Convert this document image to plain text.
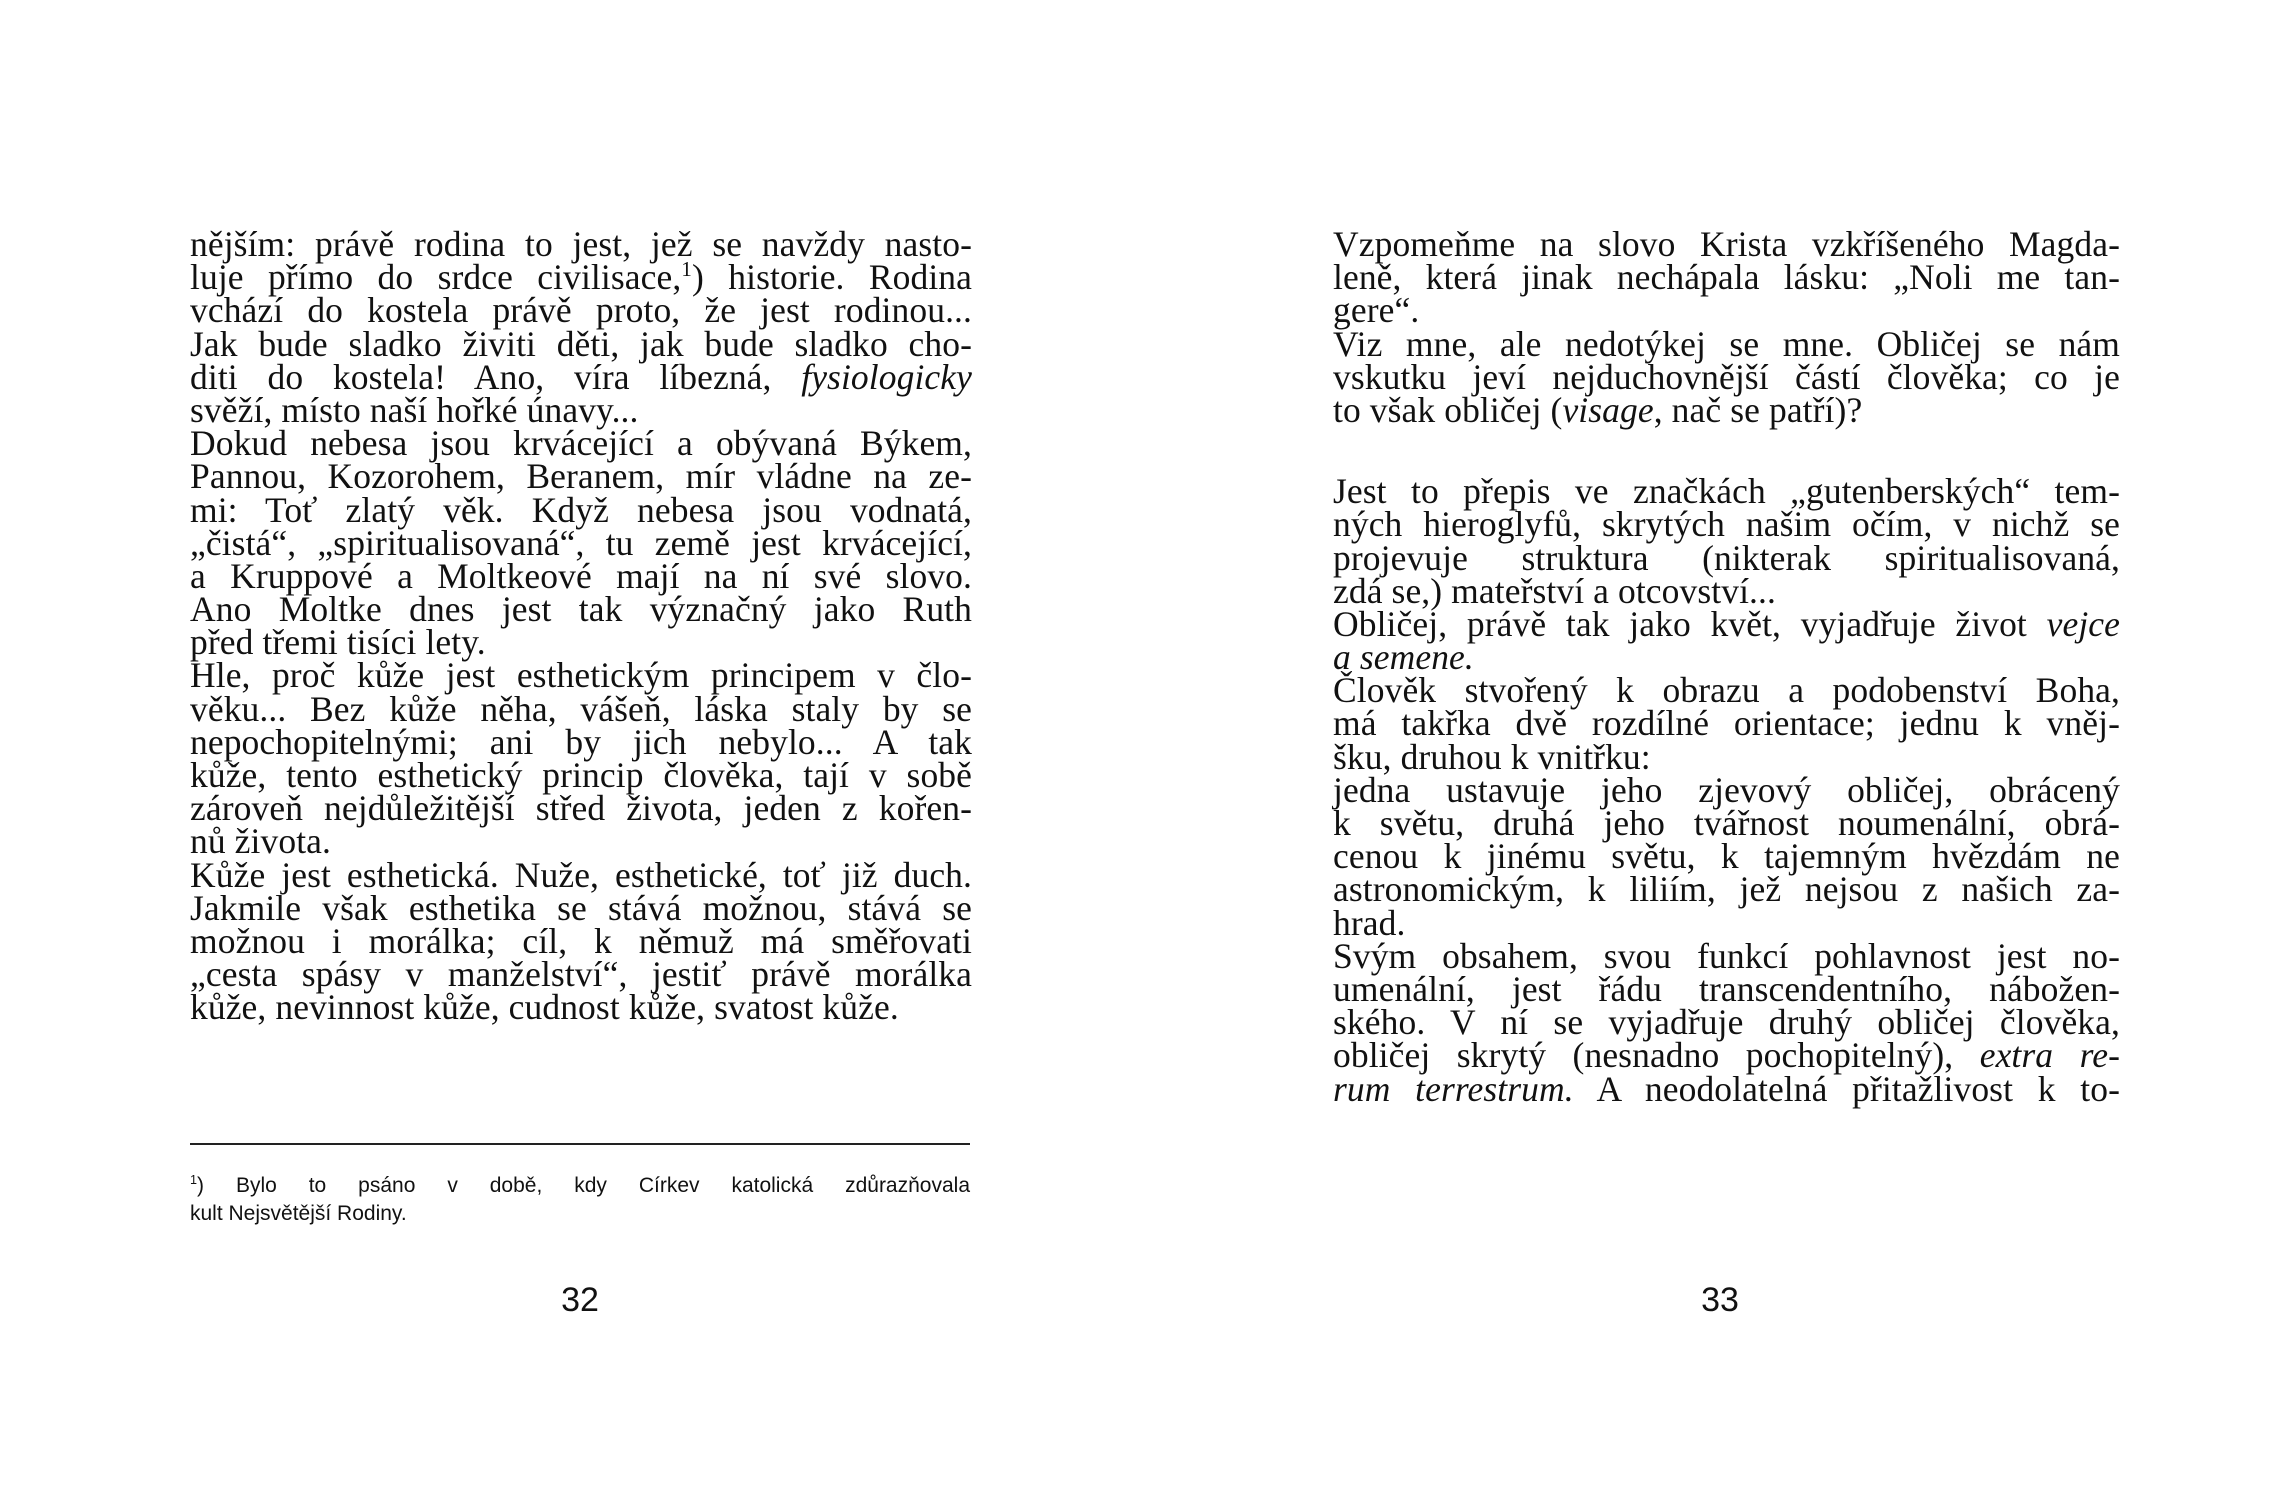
nějším: právě rodina to jest, jež se navždy nasto-
luje přímo do srdce civilisace,$^1$) historie. Rodina
vchází do kostela právě proto, že jest rodinou...
Jak bude sladko živiti děti, jak bude sladko cho-
diti do kostela! Ano, víra líbezná, fysiologicky
svěží, místo naší hořké únavy...
Dokud nebesa jsou krvácející a obývaná Býkem,
Pannou, Kozorohem, Beranem, mír vládne na ze-
mi: Toť zlatý věk. Když nebesa jsou vodnatá,
„čistá“, „spiritualisovaná“, tu země jest krvácející,
a Kruppové a Moltkeové mají na ní své slovo.
Ano Moltke dnes jest tak význačný jako Ruth
před třemi tisíci lety.
Hle, proč kůže jest esthetickým principem v člo-
věku... Bez kůže něha, vášeň, láska staly by se
nepochopitelnými; ani by jich nebylo... A tak
kůže, tento esthetický princip člověka, tají v sobě
zároveň nejdůležitější střed života, jeden z kořen-
nů života.
Kůže jest esthetická. Nuže, esthetické, toť již duch.
Jakmile však esthetika se stává možnou, stává se
možnou i morálka; cíl, k němuž má směřovati
„cesta spásy v manželství“, jestiť právě morálka
kůže, nevinnost kůže, cudnost kůže, svatost kůže.
$^1$) Bylo to psáno v době, kdy Církev katolická zdůrazňovala
kult Nejsvětější Rodiny.
32
Vzpomeňme na slovo Krista vzkříšeného Magda-
leně, která jinak nechápala lásku: „Noli me tan-
gere“.
Viz mne, ale nedotýkej se mne. Obličej se nám
vskutku jeví nejduchovnější částí člověka; co je
to však obličej (visage, nač se patří)?
Jest to přepis ve značkách „gutenberských“ tem-
ných hieroglyfů, skrytých našim očím, v nichž se
projevuje struktura (nikterak spiritualisovaná,
zdá se,) mateřství a otcovství...
Obličej, právě tak jako květ, vyjadřuje život vejce
a semene.
Člověk stvořený k obrazu a podobenství Boha,
má takřka dvě rozdílné orientace; jednu k vněj-
šku, druhou k vnitřku:
jedna ustavuje jeho zjevový obličej, obrácený
k světu, druhá jeho tvářnost noumenální, obrá-
cenou k jinému světu, k tajemným hvězdám ne
astronomickým, k liliím, jež nejsou z našich za-
hrad.
Svým obsahem, svou funkcí pohlavnost jest no-
umenální, jest řádu transcendentního, nábožen-
ského. V ní se vyjadřuje druhý obličej člověka,
obličej skrytý (nesnadno pochopitelný), extra re-
rum terrestrum. A neodolatelná přitažlivost k to-
33
